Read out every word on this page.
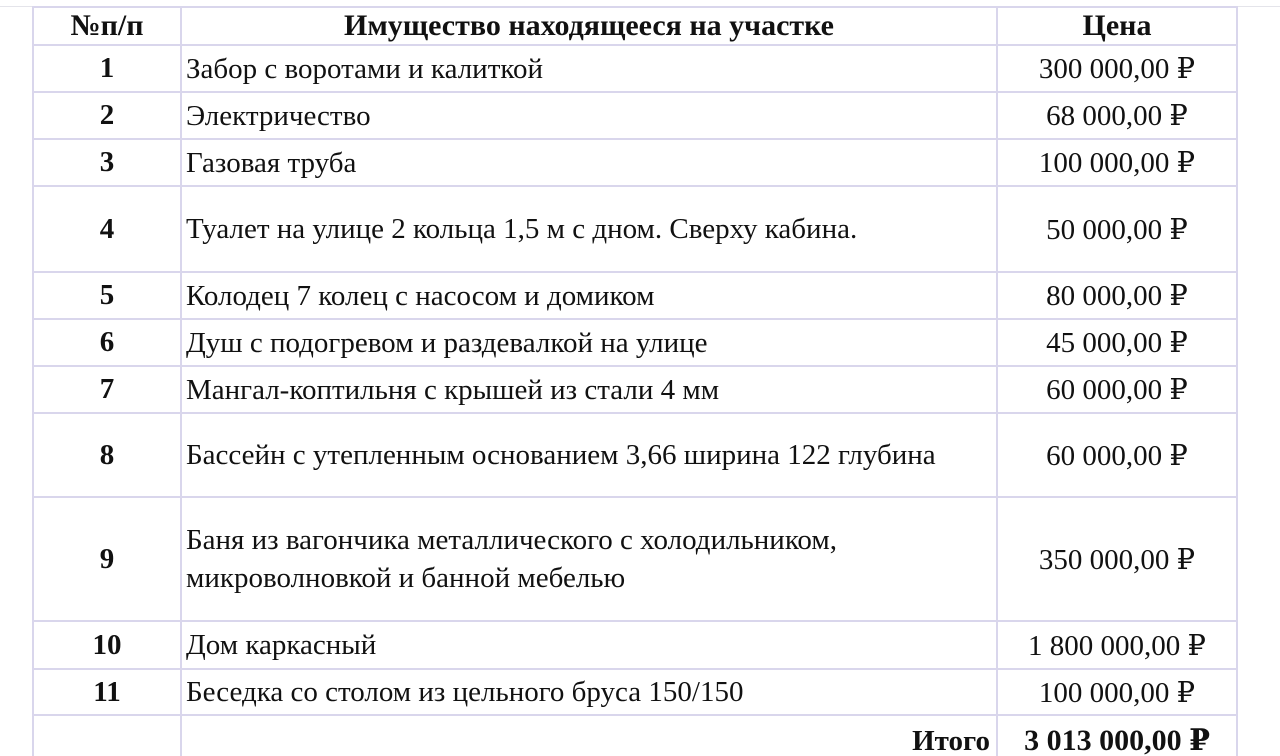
№п/п	Имущество находящееся на участке	Цена
1	Забор с воротами и калиткой	300 000,00 ₽
2	Электричество	68 000,00 ₽
3	Газовая труба	100 000,00 ₽
4	Туалет на улице 2 кольца 1,5 м с дном. Сверху кабина.	50 000,00 ₽
5	Колодец 7 колец с насосом и домиком	80 000,00 ₽
6	Душ с подогревом и раздевалкой на улице	45 000,00 ₽
7	Мангал-коптильня с крышей из стали 4 мм	60 000,00 ₽
8	Бассейн с утепленным основанием 3,66 ширина 122 глубина	60 000,00 ₽
9	Баня из вагончика металлического с холодильником, микроволновкой и банной мебелью	350 000,00 ₽
10	Дом каркасный	1 800 000,00 ₽
11	Беседка со столом из цельного бруса 150/150	100 000,00 ₽
	Итого	3 013 000,00 ₽
